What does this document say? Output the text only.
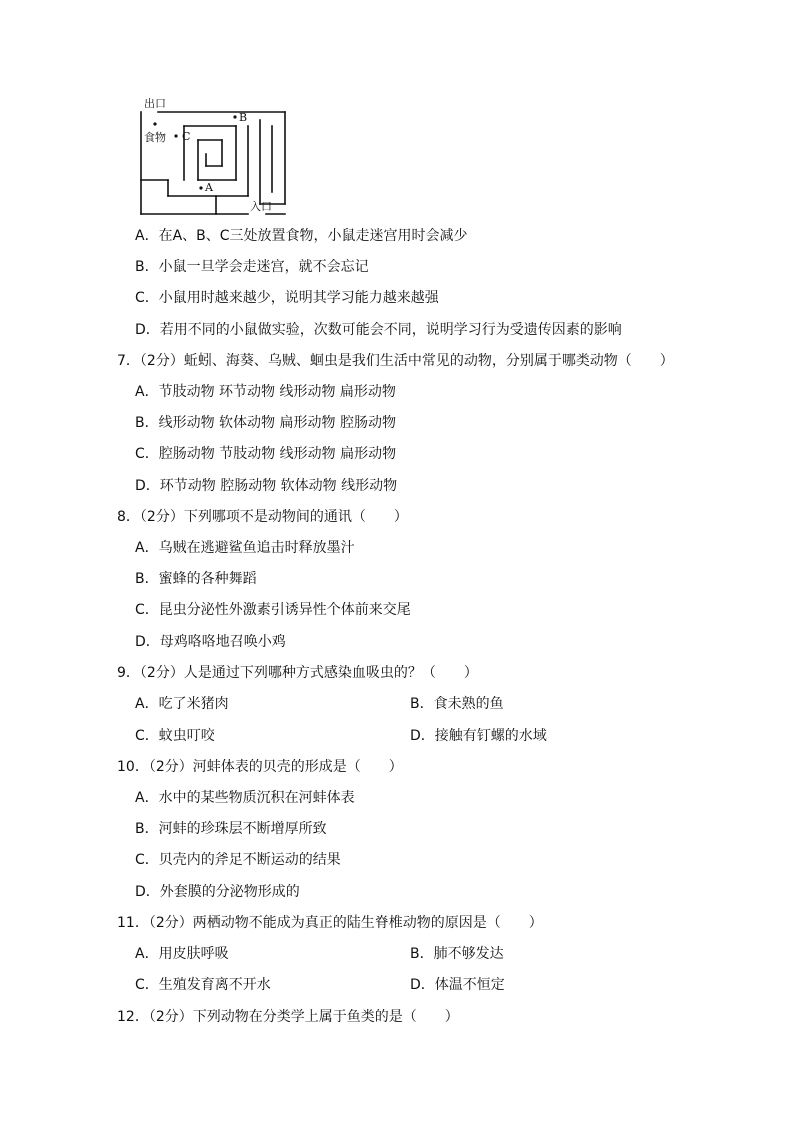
出口
食物 C
B
A
入口
A．在A、B、C三处放置食物，小鼠走迷宫用时会减少
B．小鼠一旦学会走迷宫，就不会忘记
C．小鼠用时越来越少，说明其学习能力越来越强
D．若用不同的小鼠做实验，次数可能会不同，说明学习行为受遗传因素的影响
7．（2分）蚯蚓、海葵、乌贼、蛔虫是我们生活中常见的动物，分别属于哪类动物（　　）
A．节肢动物 环节动物 线形动物 扁形动物
B．线形动物 软体动物 扁形动物 腔肠动物
C．腔肠动物 节肢动物 线形动物 扁形动物
D．环节动物 腔肠动物 软体动物 线形动物
8．（2分）下列哪项不是动物间的通讯（　　）
A．乌贼在逃避鲨鱼追击时释放墨汁
B．蜜蜂的各种舞蹈
C．昆虫分泌性外激素引诱异性个体前来交尾
D．母鸡咯咯地召唤小鸡
9．（2分）人是通过下列哪种方式感染血吸虫的？（　　）
A．吃了米猪肉	B．食未熟的鱼
C．蚊虫叮咬	D．接触有钉螺的水域
10．（2分）河蚌体表的贝壳的形成是（　　）
A．水中的某些物质沉积在河蚌体表
B．河蚌的珍珠层不断增厚所致
C．贝壳内的斧足不断运动的结果
D．外套膜的分泌物形成的
11．（2分）两栖动物不能成为真正的陆生脊椎动物的原因是（　　）
A．用皮肤呼吸	B．肺不够发达
C．生殖发育离不开水	D．体温不恒定
12．（2分）下列动物在分类学上属于鱼类的是（　　）
